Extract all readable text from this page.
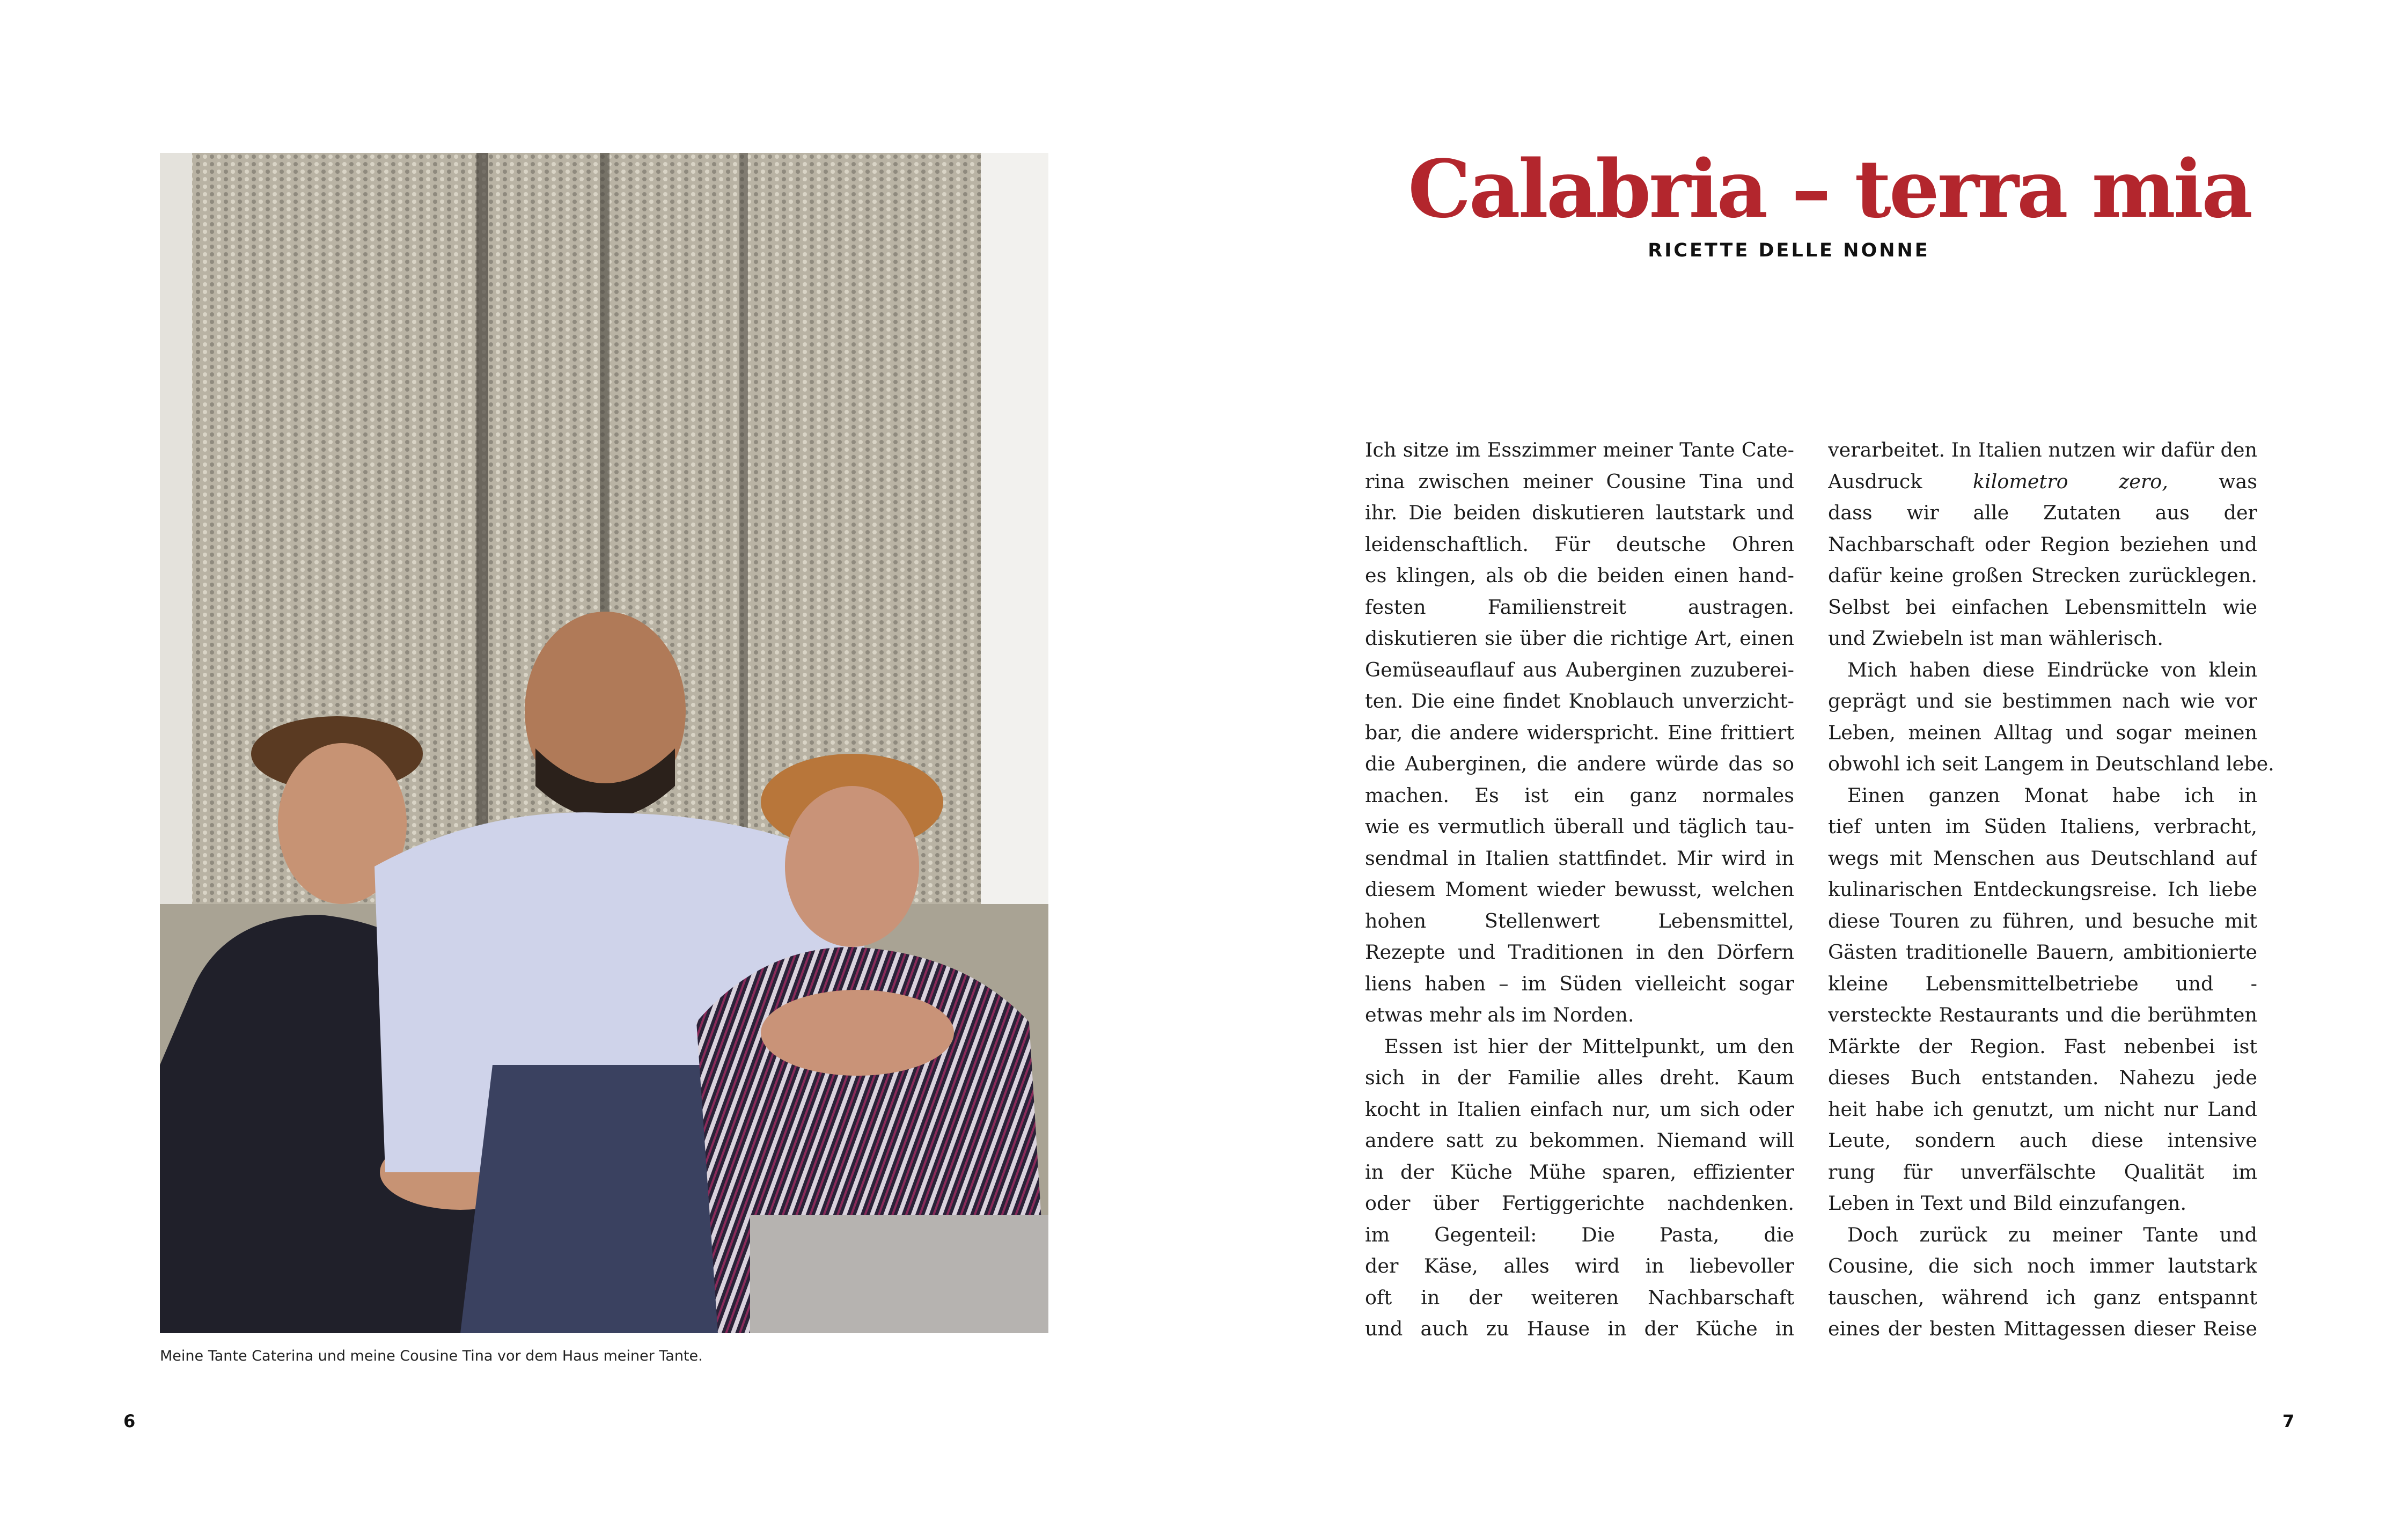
Meine Tante Caterina und meine Cousine Tina vor dem Haus meiner Tante.
6
Calabria – terra mia
RICETTE DELLE NONNE
Ich sitze im Esszimmer meiner Tante Cate-
rina zwischen meiner Cousine Tina und
ihr. Die beiden diskutieren lautstark und
leidenschaftlich. Für deutsche Ohren
es klingen, als ob die beiden einen hand-
festen Familienstreit austragen.
diskutieren sie über die richtige Art, einen
Gemüseauflauf aus Auberginen zuzuberei-
ten. Die eine findet Knoblauch unverzicht-
bar, die andere widerspricht. Eine frittiert
die Auberginen, die andere würde das so
machen. Es ist ein ganz normales
wie es vermutlich überall und täglich tau-
sendmal in Italien stattfindet. Mir wird in
diesem Moment wieder bewusst, welchen
hohen Stellenwert Lebensmittel,
Rezepte und Traditionen in den Dörfern
liens haben – im Süden vielleicht sogar
etwas mehr als im Norden.
Essen ist hier der Mittelpunkt, um den
sich in der Familie alles dreht. Kaum
kocht in Italien einfach nur, um sich oder
andere satt zu bekommen. Niemand will
in der Küche Mühe sparen, effizienter
oder über Fertiggerichte nachdenken.
im Gegenteil: Die Pasta, die
der Käse, alles wird in liebevoller
oft in der weiteren Nachbarschaft
und auch zu Hause in der Küche in
verarbeitet. In Italien nutzen wir dafür den
Ausdruck	kilometro zero,	was
dass wir alle Zutaten aus der
Nachbarschaft oder Region beziehen und
dafür keine großen Strecken zurücklegen.
Selbst bei einfachen Lebensmitteln wie
und Zwiebeln ist man wählerisch.
Mich haben diese Eindrücke von klein
geprägt und sie bestimmen nach wie vor
Leben, meinen Alltag und sogar meinen
obwohl ich seit Langem in Deutschland lebe.
Einen ganzen Monat habe ich in
tief unten im Süden Italiens, verbracht,
wegs mit Menschen aus Deutschland auf
kulinarischen Entdeckungsreise. Ich liebe
diese Touren zu führen, und besuche mit
Gästen traditionelle Bauern, ambitionierte
kleine Lebensmittelbetriebe und -
versteckte Restaurants und die berühmten
Märkte der Region. Fast nebenbei ist
dieses Buch entstanden. Nahezu jede
heit habe ich genutzt, um nicht nur Land
Leute, sondern auch diese intensive
rung für unverfälschte Qualität im
Leben in Text und Bild einzufangen.
Doch zurück zu meiner Tante und
Cousine, die sich noch immer lautstark
tauschen, während ich ganz entspannt
eines der besten Mittagessen dieser Reise
7
